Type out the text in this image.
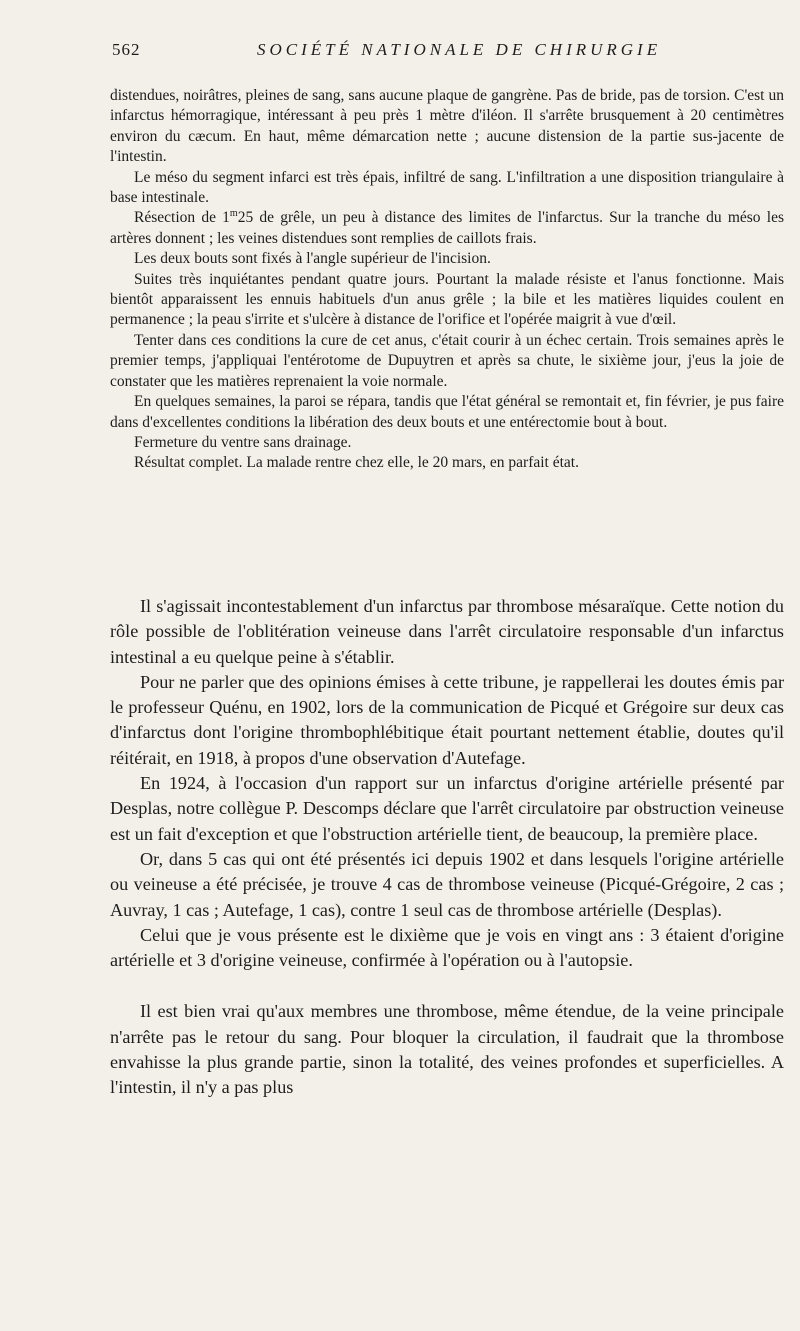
562	SOCIÉTÉ NATIONALE DE CHIRURGIE

distendues, noirâtres, pleines de sang, sans aucune plaque de gangrène. Pas de bride, pas de torsion. C'est un infarctus hémorragique, intéressant à peu près 1 mètre d'iléon. Il s'arrête brusquement à 20 centimètres environ du cæcum. En haut, même démarcation nette ; aucune distension de la partie sus-jacente de l'intestin.

Le méso du segment infarci est très épais, infiltré de sang. L'infiltration a une disposition triangulaire à base intestinale.

Résection de 1$^m$25 de grêle, un peu à distance des limites de l'infarctus. Sur la tranche du méso les artères donnent ; les veines distendues sont remplies de caillots frais.

Les deux bouts sont fixés à l'angle supérieur de l'incision.

Suites très inquiétantes pendant quatre jours. Pourtant la malade résiste et l'anus fonctionne. Mais bientôt apparaissent les ennuis habituels d'un anus grêle ; la bile et les matières liquides coulent en permanence ; la peau s'irrite et s'ulcère à distance de l'orifice et l'opérée maigrit à vue d'œil.

Tenter dans ces conditions la cure de cet anus, c'était courir à un échec certain. Trois semaines après le premier temps, j'appliquai l'entérotome de Dupuytren et après sa chute, le sixième jour, j'eus la joie de constater que les matières reprenaient la voie normale.

En quelques semaines, la paroi se répara, tandis que l'état général se remontait et, fin février, je pus faire dans d'excellentes conditions la libération des deux bouts et une entérectomie bout à bout.

Fermeture du ventre sans drainage.

Résultat complet. La malade rentre chez elle, le 20 mars, en parfait état.

Il s'agissait incontestablement d'un infarctus par thrombose mésaraïque. Cette notion du rôle possible de l'oblitération veineuse dans l'arrêt circulatoire responsable d'un infarctus intestinal a eu quelque peine à s'établir.

Pour ne parler que des opinions émises à cette tribune, je rappellerai les doutes émis par le professeur Quénu, en 1902, lors de la communication de Picqué et Grégoire sur deux cas d'infarctus dont l'origine thrombophlébitique était pourtant nettement établie, doutes qu'il réitérait, en 1918, à propos d'une observation d'Autefage.

En 1924, à l'occasion d'un rapport sur un infarctus d'origine artérielle présenté par Desplas, notre collègue P. Descomps déclare que l'arrêt circulatoire par obstruction veineuse est un fait d'exception et que l'obstruction artérielle tient, de beaucoup, la première place.

Or, dans 5 cas qui ont été présentés ici depuis 1902 et dans lesquels l'origine artérielle ou veineuse a été précisée, je trouve 4 cas de thrombose veineuse (Picqué-Grégoire, 2 cas ; Auvray, 1 cas ; Autefage, 1 cas), contre 1 seul cas de thrombose artérielle (Desplas).

Celui que je vous présente est le dixième que je vois en vingt ans : 3 étaient d'origine artérielle et 3 d'origine veineuse, confirmée à l'opération ou à l'autopsie.

Il est bien vrai qu'aux membres une thrombose, même étendue, de la veine principale n'arrête pas le retour du sang. Pour bloquer la circulation, il faudrait que la thrombose envahisse la plus grande partie, sinon la totalité, des veines profondes et superficielles. A l'intestin, il n'y a pas plus
